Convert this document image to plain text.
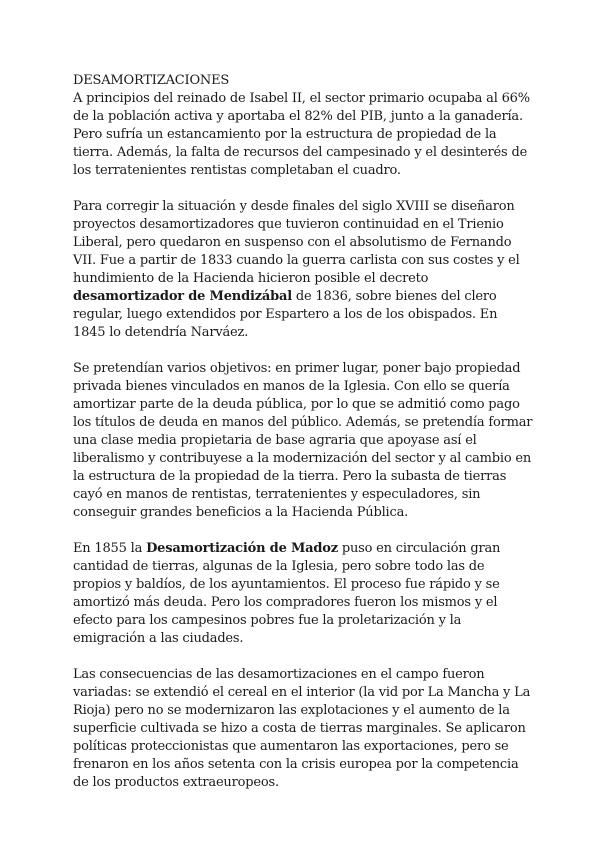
DESAMORTIZACIONES

A principios del reinado de Isabel II, el sector primario ocupaba al 66% de la población activa y aportaba el 82% del PIB, junto a la ganadería. Pero sufría un estancamiento por la estructura de propiedad de la tierra. Además, la falta de recursos del campesinado y el desinterés de los terratenientes rentistas completaban el cuadro.

Para corregir la situación y desde finales del siglo XVIII se diseñaron proyectos desamortizadores que tuvieron continuidad en el Trienio Liberal, pero quedaron en suspenso con el absolutismo de Fernando VII. Fue a partir de 1833 cuando la guerra carlista con sus costes y el hundimiento de la Hacienda hicieron posible el decreto desamortizador de Mendizábal de 1836, sobre bienes del clero regular, luego extendidos por Espartero a los de los obispados. En 1845 lo detendría Narváez.

Se pretendían varios objetivos: en primer lugar, poner bajo propiedad privada bienes vinculados en manos de la Iglesia. Con ello se quería amortizar parte de la deuda pública, por lo que se admitió como pago los títulos de deuda en manos del público. Además, se pretendía formar una clase media propietaria de base agraria que apoyase así el liberalismo y contribuyese a la modernización del sector y al cambio en la estructura de la propiedad de la tierra. Pero la subasta de tierras cayó en manos de rentistas, terratenientes y especuladores, sin conseguir grandes beneficios a la Hacienda Pública.

En 1855 la Desamortización de Madoz puso en circulación gran cantidad de tierras, algunas de la Iglesia, pero sobre todo las de propios y baldíos, de los ayuntamientos. El proceso fue rápido y se amortizó más deuda. Pero los compradores fueron los mismos y el efecto para los campesinos pobres fue la proletarización y la emigración a las ciudades.

Las consecuencias de las desamortizaciones en el campo fueron variadas: se extendió el cereal en el interior (la vid por La Mancha y La Rioja) pero no se modernizaron las explotaciones y el aumento de la superficie cultivada se hizo a costa de tierras marginales. Se aplicaron políticas proteccionistas que aumentaron las exportaciones, pero se frenaron en los años setenta con la crisis europea por la competencia de los productos extraeuropeos.
